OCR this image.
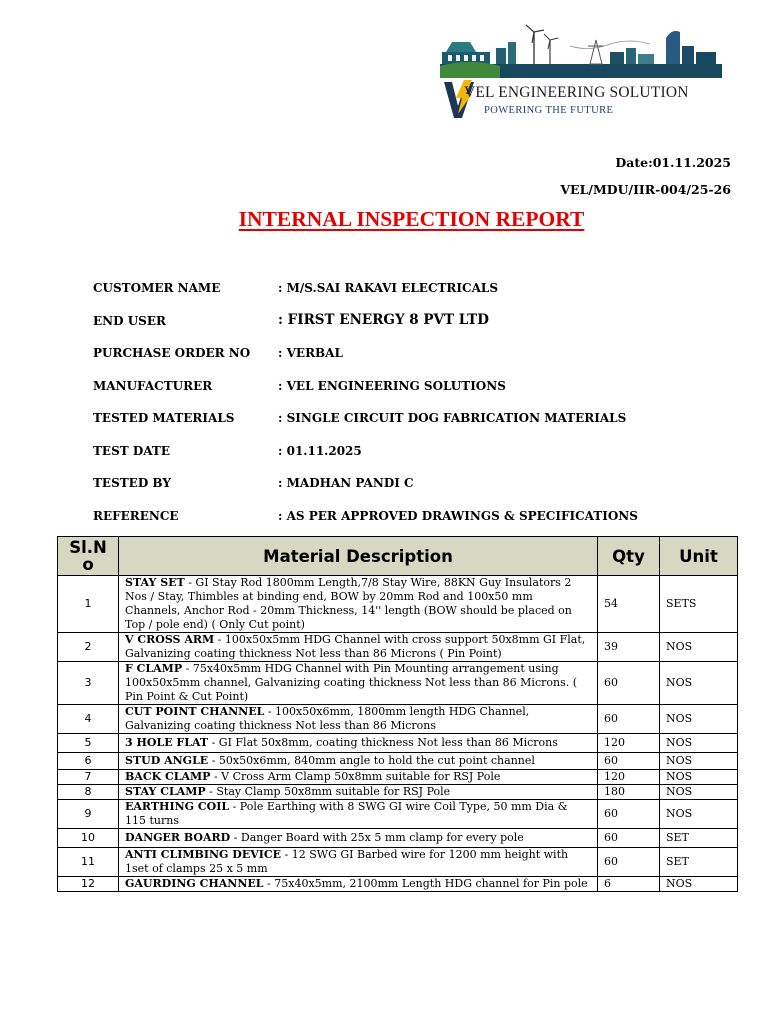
VEL ENGINEERING SOLUTION
POWERING THE FUTURE
Date:01.11.2025
VEL/MDU/IIR-004/25-26
INTERNAL INSPECTION REPORT
CUSTOMER NAME	: M/S.SAI RAKAVI ELECTRICALS
END USER	: FIRST ENERGY 8 PVT LTD
PURCHASE ORDER NO : VERBAL
MANUFACTURER	: VEL ENGINEERING SOLUTIONS
TESTED MATERIALS	: SINGLE CIRCUIT DOG FABRICATION MATERIALS
TEST DATE	: 01.11.2025
TESTED BY	: MADHAN PANDI C
REFERENCE	: AS PER APPROVED DRAWINGS & SPECIFICATIONS
Sl.No	Material Description	Qty	Unit
1	STAY SET - GI Stay Rod 1800mm Length,7/8 Stay Wire, 88KN Guy Insulators 2 Nos / Stay, Thimbles at binding end, BOW by 20mm Rod and 100x50 mm Channels, Anchor Rod - 20mm Thickness, 14'' length (BOW should be placed on Top / pole end) ( Only Cut point)	54	SETS
2	V CROSS ARM - 100x50x5mm HDG Channel with cross support 50x8mm GI Flat, Galvanizing coating thickness Not less than 86 Microns ( Pin Point)	39	NOS
3	F CLAMP - 75x40x5mm HDG Channel with Pin Mounting arrangement using 100x50x5mm channel, Galvanizing coating thickness Not less than 86 Microns. ( Pin Point & Cut Point)	60	NOS
4	CUT POINT CHANNEL - 100x50x6mm, 1800mm length HDG Channel, Galvanizing coating thickness Not less than 86 Microns	60	NOS
5	3 HOLE FLAT - GI Flat 50x8mm, coating thickness Not less than 86 Microns	120	NOS
6	STUD ANGLE - 50x50x6mm, 840mm angle to hold the cut point channel	60	NOS
7	BACK CLAMP - V Cross Arm Clamp 50x8mm suitable for RSJ Pole	120	NOS
8	STAY CLAMP - Stay Clamp 50x8mm suitable for RSJ Pole	180	NOS
9	EARTHING COIL - Pole Earthing with 8 SWG GI wire Coil Type, 50 mm Dia & 115 turns	60	NOS
10	DANGER BOARD - Danger Board with 25x 5 mm clamp for every pole	60	SET
11	ANTI CLIMBING DEVICE - 12 SWG GI Barbed wire for 1200 mm height with 1set of clamps 25 x 5 mm	60	SET
12	GAURDING CHANNEL - 75x40x5mm, 2100mm Length HDG channel for Pin pole	6	NOS
